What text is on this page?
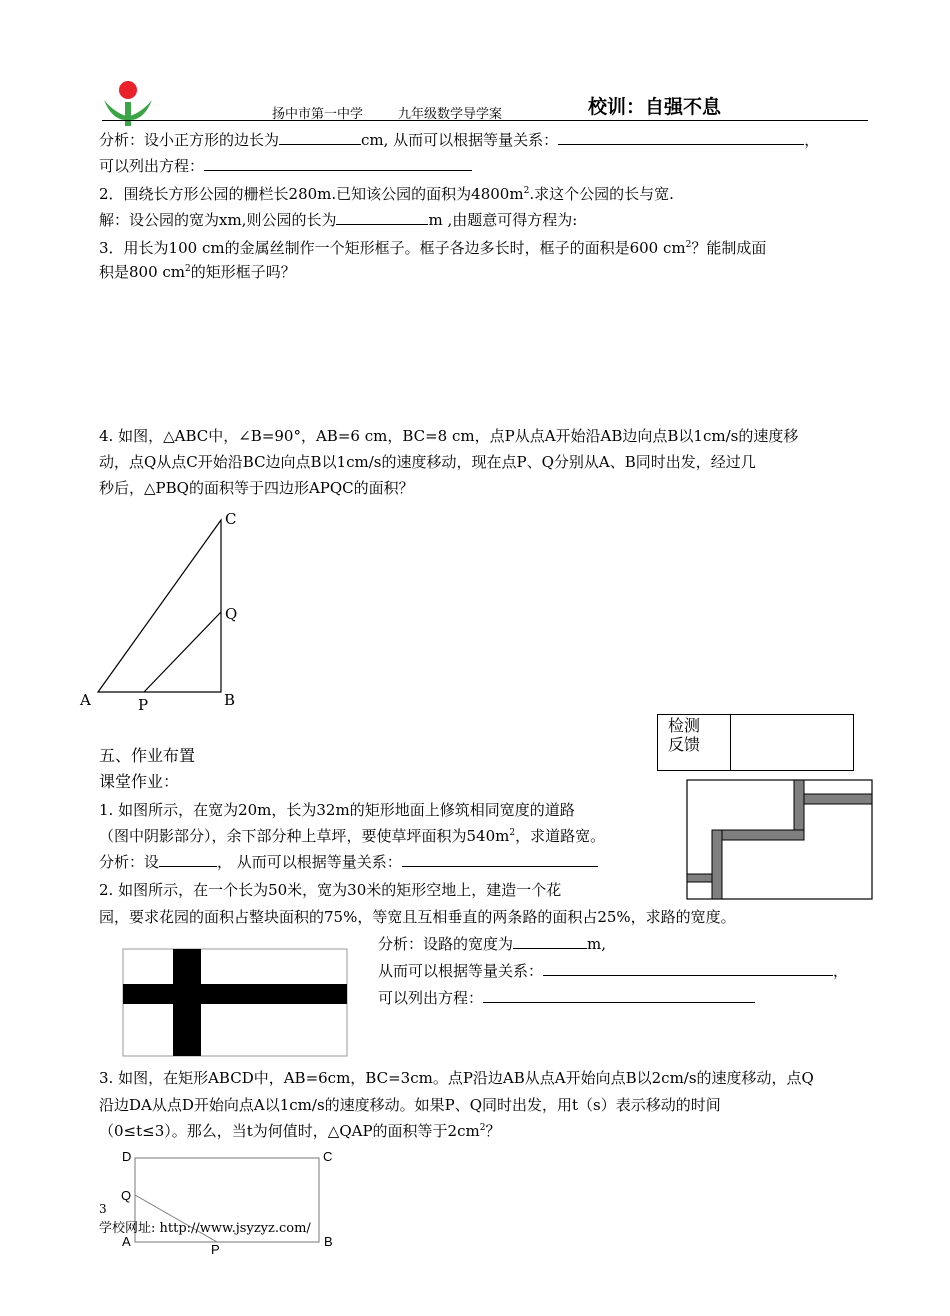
扬中市第一中学	九年级数学导学案	校训：自强不息
分析：设小正方形的边长为	cm, 从而可以根据等量关系：	，
可以列出方程：
2．围绕长方形公园的栅栏长280m.已知该公园的面积为$4800m^2$.求这个公园的长与宽.
解：设公园的宽为xm,则公园的长为	m ,由题意可得方程为:
3．用长为100 cm的金属丝制作一个矩形框子。框子各边多长时，框子的面积是600 $cm^2$？能制成面
积是800 $cm^2$的矩形框子吗？
4. 如图，△ABC中，∠B=90°，AB=6 cm，BC=8 cm，点P从点A开始沿AB边向点B以1cm/s的速度移
动，点Q从点C开始沿BC边向点B以1cm/s的速度移动，现在点P、Q分别从A、B同时出发，经过几
秒后，△PBQ的面积等于四边形APQC的面积？
C
Q
A	P	B
检测
反馈
五、作业布置
课堂作业：
1. 如图所示，在宽为20m，长为32m的矩形地面上修筑相同宽度的道路
（图中阴影部分），余下部分种上草坪，要使草坪面积为$540m^2$，求道路宽。
分析：设	， 从而可以根据等量关系：
2. 如图所示，在一个长为50米，宽为30米的矩形空地上，建造一个花
园，要求花园的面积占整块面积的75%，等宽且互相垂直的两条路的面积占25%，求路的宽度。
分析：设路的宽度为	m,
从而可以根据等量关系：	，
可以列出方程：
3. 如图，在矩形ABCD中，AB=6cm，BC=3cm。点P沿边AB从点A开始向点B以2cm/s的速度移动，点Q
沿边DA从点D开始向点A以1cm/s的速度移动。如果P、Q同时出发，用t（s）表示移动的时间
（0≤t≤3）。那么，当t为何值时，△QAP的面积等于$2cm^2$？
D	C
Q
A
P
B
3
学校网址: http://www.jsyzyz.com/
